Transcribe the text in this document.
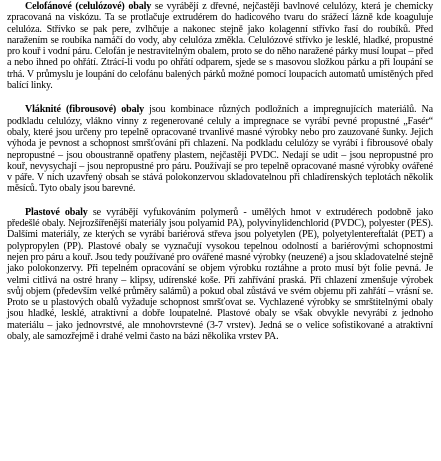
Celofánové (celulózové) obaly se vyrábějí z dřevné, nejčastěji bavlnové celulózy, která je chemicky zpracovaná na viskózu. Ta se protlačuje extrudérem do hadicového tvaru do srážecí lázně kde koaguluje celulóza. Střívko se pak pere, zvlhčuje a nakonec stejně jako kolagenní střívko řasí do roubíků. Před naražením se roubíka namáčí do vody, aby celulóza změkla. Celulózové střívko je lesklé, hladké, propustné pro kouř i vodní páru. Celofán je nestravitelným obalem, proto se do něho naražené párky musí loupat – před a nebo ihned po ohřátí. Ztrácí-li vodu po ohřátí odparem, sjede se s masovou složkou párku a při loupání se trhá. V průmyslu je loupání do celofánu balených párků možné pomocí loupacích automatů umístěných před balící linky.

Vláknité (fibrousové) obaly jsou kombinace různých podložních a impregnujících materiálů. Na podkladu celulózy, vlákno vinny z regenerované celuly a impregnace se vyrábí pevné propustné „Fasér“ obaly, které jsou určeny pro tepelně opracované trvanlivé masné výrobky nebo pro zauzované šunky. Jejich výhoda je pevnost a schopnost smršťování při chlazení. Na podkladu celulózy se vyrábí i fibrousové obaly nepropustné – jsou oboustranně opatřeny plastem, nejčastěji PVDC. Nedají se udit – jsou nepropustné pro kouř, nevysychají – jsou nepropustné pro páru. Používají se pro tepelně opracované masné výrobky ovářené v páře. V nich uzavřený obsah se stává polokonzervou skladovatelnou při chladírenských teplotách několik měsíců. Tyto obaly jsou barevné.

Plastové obaly se vyrábějí vyfukováním polymerů - umělých hmot v extrudérech podobně jako předešlé obaly. Nejrozšířenější materiály jsou polyamid PA), polyvinylidenchlorid (PVDC), polyester (PES). Dalšími materiály, ze kterých se vyrábí bariérová střeva jsou polyetylen (PE), polyetylentereftalát (PET) a polypropylen (PP). Plastové obaly se vyznačují vysokou tepelnou odolností a bariérovými schopnostmi nejen pro páru a kouř. Jsou tedy používané pro ovářené masné výrobky (neuzené) a jsou skladovatelné stejně jako polokonzervy. Při tepelném opracování se objem výrobku roztáhne a proto musí být folie pevná. Je velmi citlivá na ostré hrany – klipsy, udírenské koše. Při zahřívání praská. Při chlazení zmenšuje výrobek svůj objem (především velké průměry salámů) a pokud obal zůstává ve svém objemu při zahřátí – vrásní se. Proto se u plastových obalů vyžaduje schopnost smršťovat se. Vychlazené výrobky se smrštitelnými obaly jsou hladké, lesklé, atraktivní a dobře loupatelné. Plastové obaly se však obvykle nevyrábí z jednoho materiálu – jako jednovrstvé, ale mnohovrstevné (3-7 vrstev). Jedná se o velice sofistikované a atraktivní obaly, ale samozřejmě i drahé velmi často na bázi několika vrstev PA.
